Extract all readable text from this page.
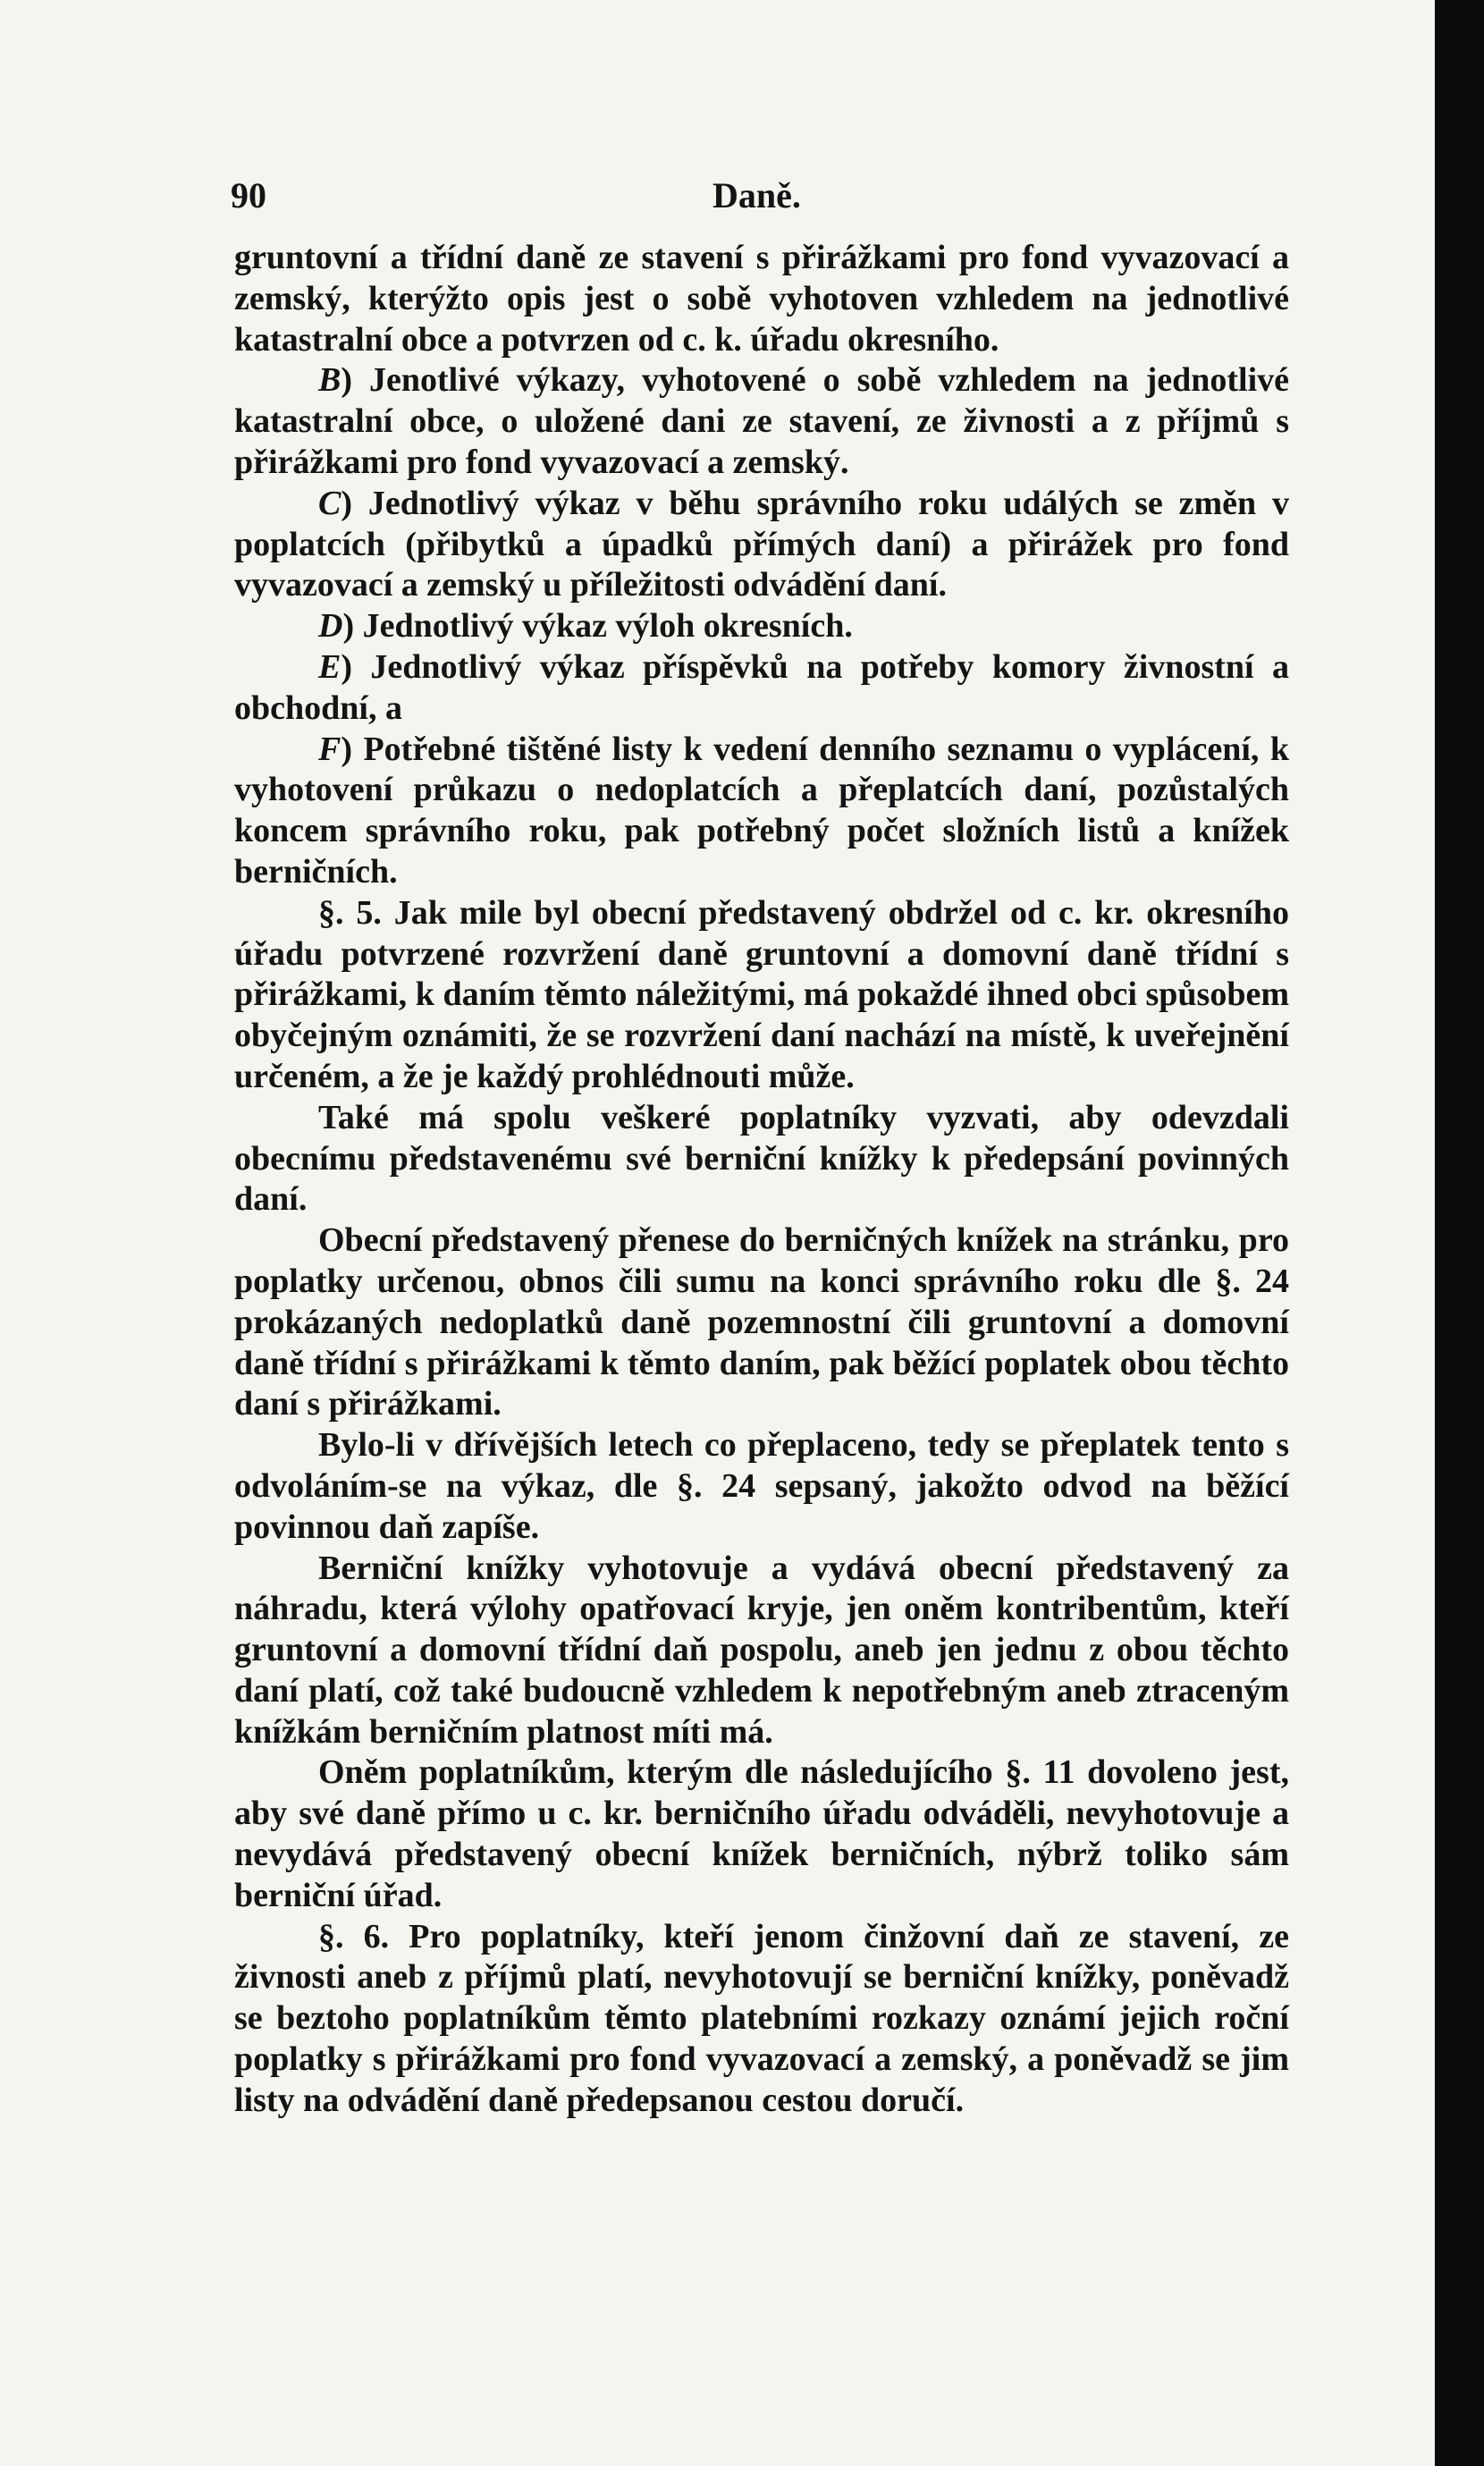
90	Daně.

gruntovní a třídní daně ze stavení s přirážkami pro fond vyvazovací a zemský, kterýžto opis jest o sobě vyhotoven vzhledem na jednotlivé katastralní obce a potvrzen od c. k. úřadu okresního.

B) Jenotlivé výkazy, vyhotovené o sobě vzhledem na jednotlivé katastralní obce, o uložené dani ze stavení, ze živnosti a z příjmů s přirážkami pro fond vyvazovací a zemský.

C) Jednotlivý výkaz v běhu správního roku událých se změn v poplatcích (přibytků a úpadků přímých daní) a přirážek pro fond vyvazovací a zemský u příležitosti odvádění daní.

D) Jednotlivý výkaz výloh okresních.

E) Jednotlivý výkaz příspěvků na potřeby komory živnostní a obchodní, a

F) Potřebné tištěné listy k vedení denního seznamu o vyplácení, k vyhotovení průkazu o nedoplatcích a přeplatcích daní, pozůstalých koncem správního roku, pak potřebný počet složních listů a knížek berničních.

§. 5. Jak mile byl obecní představený obdržel od c. kr. okresního úřadu potvrzené rozvržení daně gruntovní a domovní daně třídní s přirážkami, k daním těmto náležitými, má pokaždé ihned obci spůsobem obyčejným oznámiti, že se rozvržení daní nachází na místě, k uveřejnění určeném, a že je každý prohlédnouti může.

Také má spolu veškeré poplatníky vyzvati, aby odevzdali obecnímu představenému své berniční knížky k předepsání povinných daní.

Obecní představený přenese do berničných knížek na stránku, pro poplatky určenou, obnos čili sumu na konci správního roku dle §. 24 prokázaných nedoplatků daně pozemnostní čili gruntovní a domovní daně třídní s přirážkami k těmto daním, pak běžící poplatek obou těchto daní s přirážkami.

Bylo-li v dřívějších letech co přeplaceno, tedy se přeplatek tento s odvoláním-se na výkaz, dle §. 24 sepsaný, jakožto odvod na běžící povinnou daň zapíše.

Berniční knížky vyhotovuje a vydává obecní představený za náhradu, která výlohy opatřovací kryje, jen oněm kontribentům, kteří gruntovní a domovní třídní daň pospolu, aneb jen jednu z obou těchto daní platí, což také budoucně vzhledem k nepotřebným aneb ztraceným knížkám berničním platnost míti má.

Oněm poplatníkům, kterým dle následujícího §. 11 dovoleno jest, aby své daně přímo u c. kr. berničního úřadu odváděli, nevyhotovuje a nevydává představený obecní knížek berničních, nýbrž toliko sám berniční úřad.

§. 6. Pro poplatníky, kteří jenom činžovní daň ze stavení, ze živnosti aneb z příjmů platí, nevyhotovují se berniční knížky, poněvadž se beztoho poplatníkům těmto platebními rozkazy oznámí jejich roční poplatky s přirážkami pro fond vyvazovací a zemský, a poněvadž se jim listy na odvádění daně předepsanou cestou doručí.
